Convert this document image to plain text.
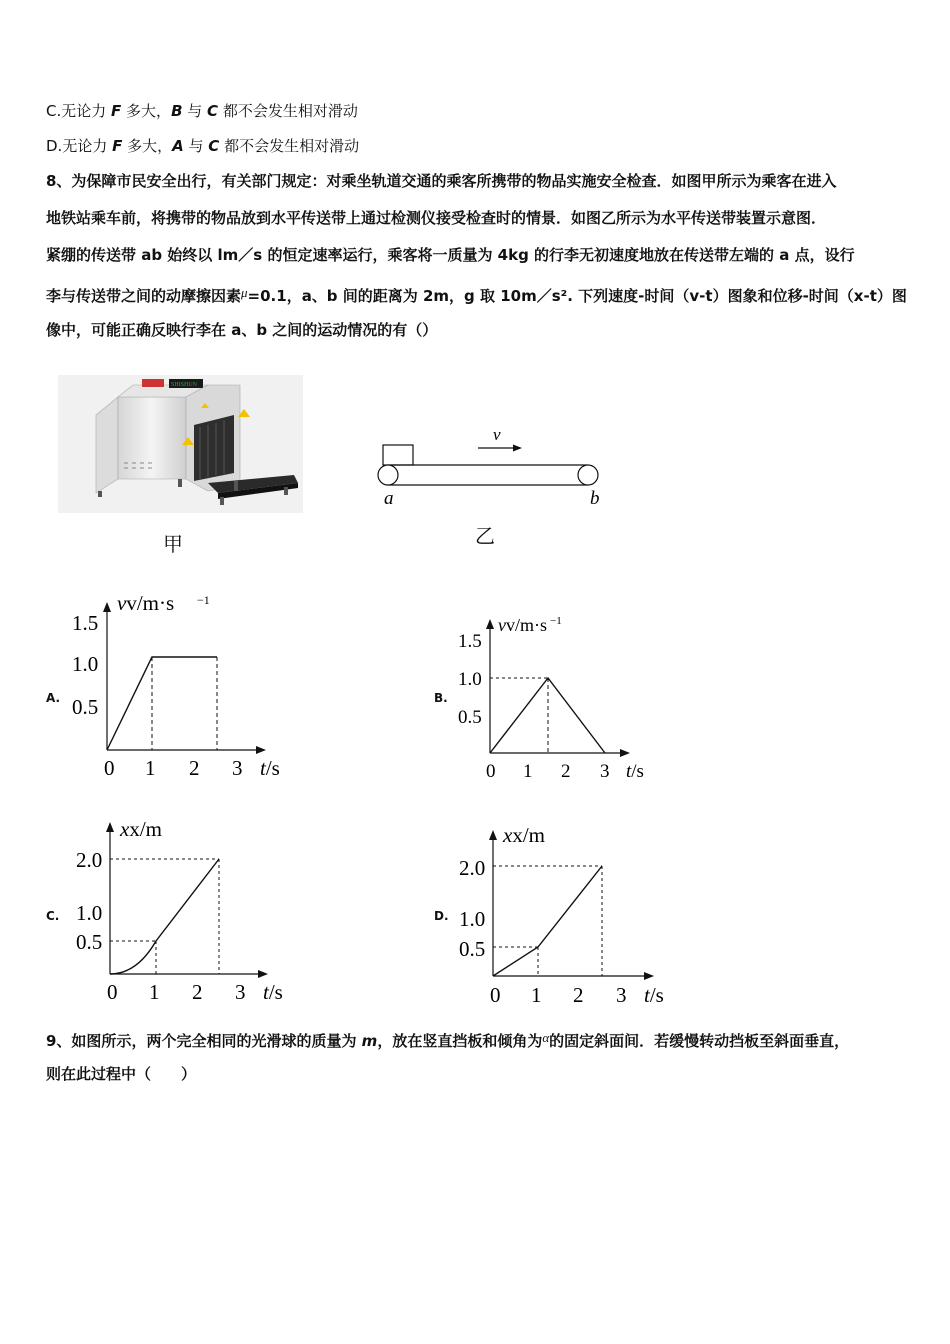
C.无论力 F 多大，B 与 C 都不会发生相对滑动
D.无论力 F 多大，A 与 C 都不会发生相对滑动
8、为保障市民安全出行，有关部门规定：对乘坐轨道交通的乘客所携带的物品实施安全检查．如图甲所示为乘客在进入
地铁站乘车前，将携带的物品放到水平传送带上通过检测仪接受检查时的情景．如图乙所示为水平传送带装置示意图．
紧绷的传送带 ab 始终以 lm／s 的恒定速率运行，乘客将一质量为 4kg 的行李无初速度地放在传送带左端的 a 点，设行
李与传送带之间的动摩擦因素μ=0.1，a、b 间的距离为 2m，g 取 10m／s². 下列速度-时间（v-t）图象和位移-时间（x-t）图
像中，可能正确反映行李在 a、b 之间的运动情况的有（）
SHISHUN
甲
v
a	b
乙
A.
vv/m·s −1
1.5
1.0
0.5
0 1 2 3 t/s
B.
vv/m·s −1
1.5
1.0
0.5
0 1 2 3 t/s
C.
xx/m
2.0
1.0
0.5
0 1 2 3 t/s
D.
xx/m
2.0
1.0
0.5
0 1 2 3 t/s
9、如图所示，两个完全相同的光滑球的质量为 m，放在竖直挡板和倾角为α的固定斜面间．若缓慢转动挡板至斜面垂直，
则在此过程中（　　）
